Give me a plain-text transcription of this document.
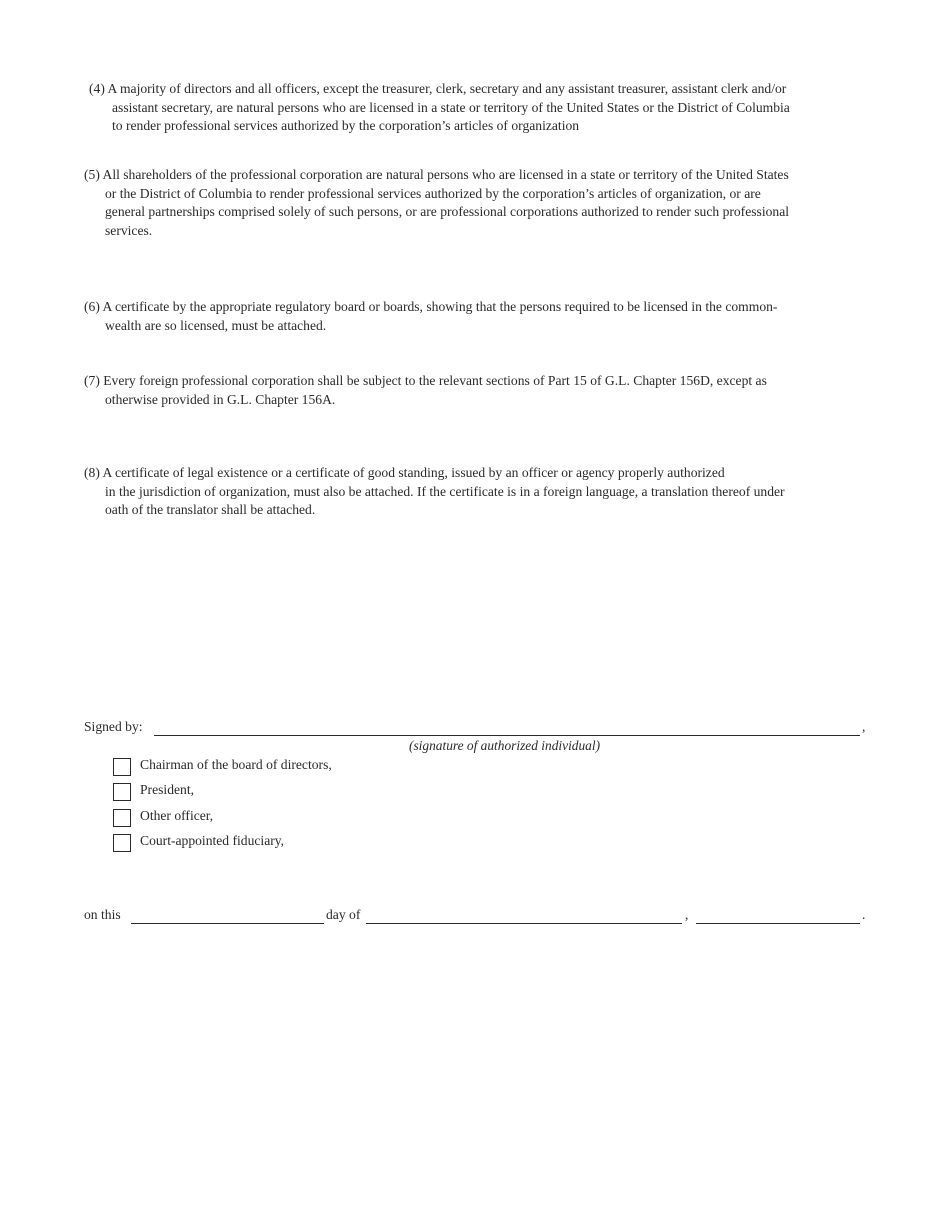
(4) A majority of directors and all officers, except the treasurer, clerk, secretary and any assistant treasurer, assistant clerk and/or
assistant secretary, are natural persons who are licensed in a state or territory of the United States or the District of Columbia
to render professional services authorized by the corporation’s articles of organization
(5) All shareholders of the professional corporation are natural persons who are licensed in a state or territory of the United States
or the District of Columbia to render professional services authorized by the corporation’s articles of organization, or are
general partnerships comprised solely of such persons, or are professional corporations authorized to render such professional
services.
(6) A certificate by the appropriate regulatory board or boards, showing that the persons required to be licensed in the common-
wealth are so licensed, must be attached.
(7) Every foreign professional corporation shall be subject to the relevant sections of Part 15 of G.L. Chapter 156D, except as
otherwise provided in G.L. Chapter 156A.
(8) A certificate of legal existence or a certificate of good standing, issued by an officer or agency properly authorized
in the jurisdiction of organization, must also be attached. If the certificate is in a foreign language, a translation thereof under
oath of the translator shall be attached.
Signed by:	,
(signature of authorized individual)
Chairman of the board of directors,
President,
Other officer,
Court-appointed fiduciary,
on this	day of	,	.
